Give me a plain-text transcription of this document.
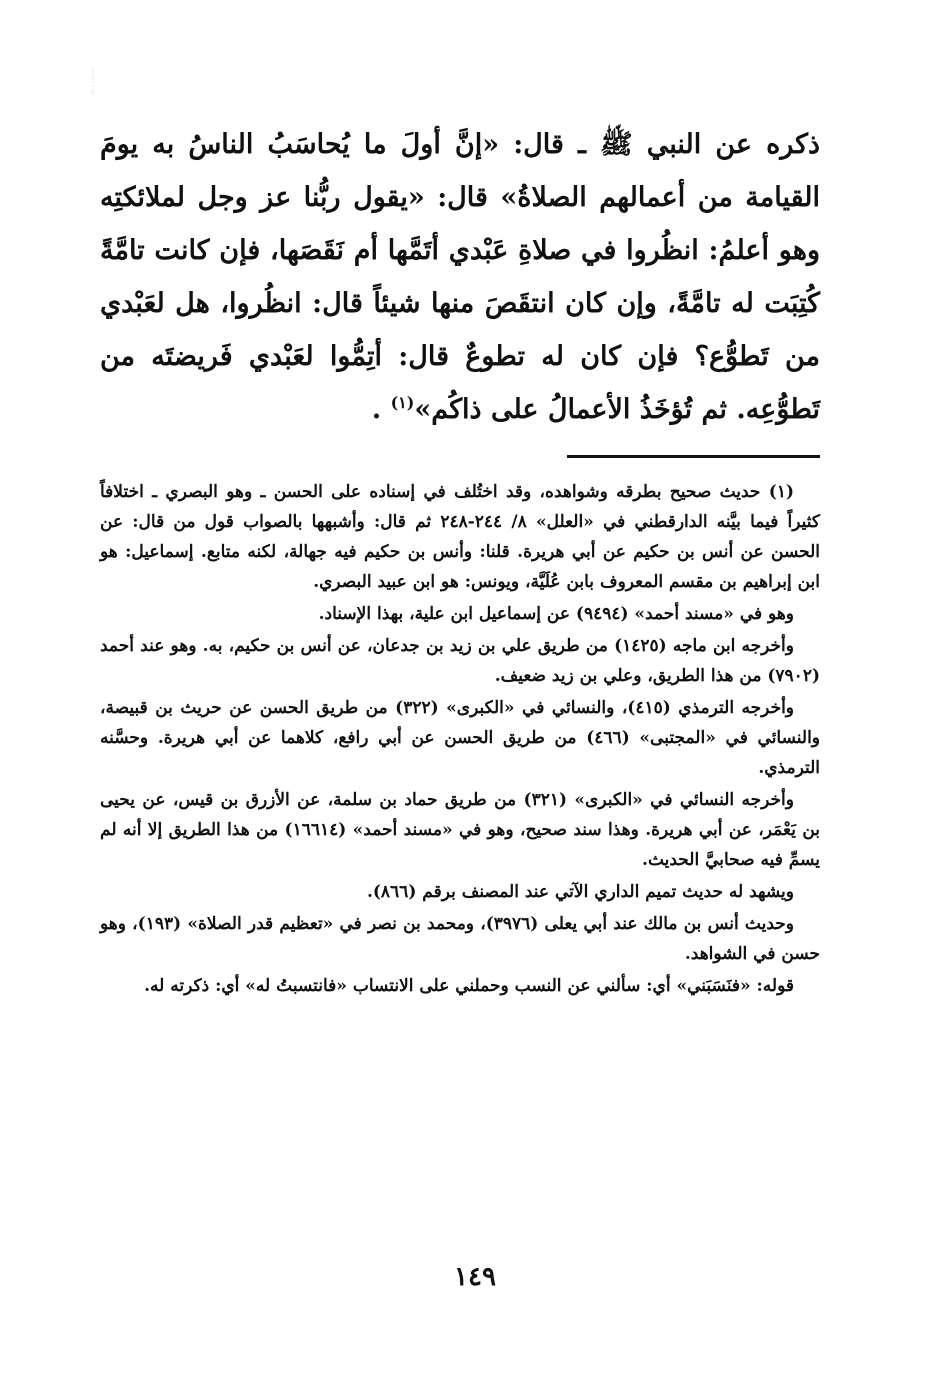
⁝
⁝
⁚
⁝

ذكره عن النبي ﷺ ـ قال: «إنَّ أولَ ما يُحاسَبُ الناسُ به يومَ القيامة من أعمالهم الصلاةُ» قال: «يقول ربُّنا عز وجل لملائكتِه وهو أعلمُ: انظُروا في صلاةِ عَبْدي أتَمَّها أم نَقَصَها، فإن كانت تامَّةً كُتِبَت له تامَّةً، وإن كان انتقَصَ منها شيئاً قال: انظُروا، هل لعَبْدي من تَطوُّع؟ فإن كان له تطوعٌ قال: أتِمُّوا لعَبْدي فَريضتَه من تَطوُّعِه. ثم تُؤخَذُ الأعمالُ على ذاكُم»$^{(١)}$ .

(١) حديث صحيح بطرقه وشواهده، وقد اختُلف في إسناده على الحسن ـ وهو البصري ـ اختلافاً كثيراً فيما بيَّنه الدارقطني في «العلل» ٨/ ٢٤٤-٢٤٨ ثم قال: وأشبهها بالصواب قول من قال: عن الحسن عن أنس بن حكيم عن أبي هريرة. قلنا: وأنس بن حكيم فيه جهالة، لكنه متابع. إسماعيل: هو ابن إبراهيم بن مقسم المعروف بابن عُلَيَّة، ويونس: هو ابن عبيد البصري.

وهو في «مسند أحمد» (٩٤٩٤) عن إسماعيل ابن علية، بهذا الإسناد.

وأخرجه ابن ماجه (١٤٢٥) من طريق علي بن زيد بن جدعان، عن أنس بن حكيم، به. وهو عند أحمد (٧٩٠٢) من هذا الطريق، وعلي بن زيد ضعيف.

وأخرجه الترمذي (٤١٥)، والنسائي في «الكبرى» (٣٢٢) من طريق الحسن عن حريث بن قبيصة، والنسائي في «المجتبى» (٤٦٦) من طريق الحسن عن أبي رافع، كلاهما عن أبي هريرة. وحسَّنه الترمذي.

وأخرجه النسائي في «الكبرى» (٣٢١) من طريق حماد بن سلمة، عن الأزرق بن قيس، عن يحيى بن يَعْمَر، عن أبي هريرة. وهذا سند صحيح، وهو في «مسند أحمد» (١٦٦١٤) من هذا الطريق إلا أنه لم يسمِّ فيه صحابيَّ الحديث.

ويشهد له حديث تميم الداري الآتي عند المصنف برقم (٨٦٦).

وحديث أنس بن مالك عند أبي يعلى (٣٩٧٦)، ومحمد بن نصر في «تعظيم قدر الصلاة» (١٩٣)، وهو حسن في الشواهد.

قوله: «فنَسَبَني» أي: سألني عن النسب وحملني على الانتساب «فانتسبتُ له» أي: ذكرته له.

١٤٩
